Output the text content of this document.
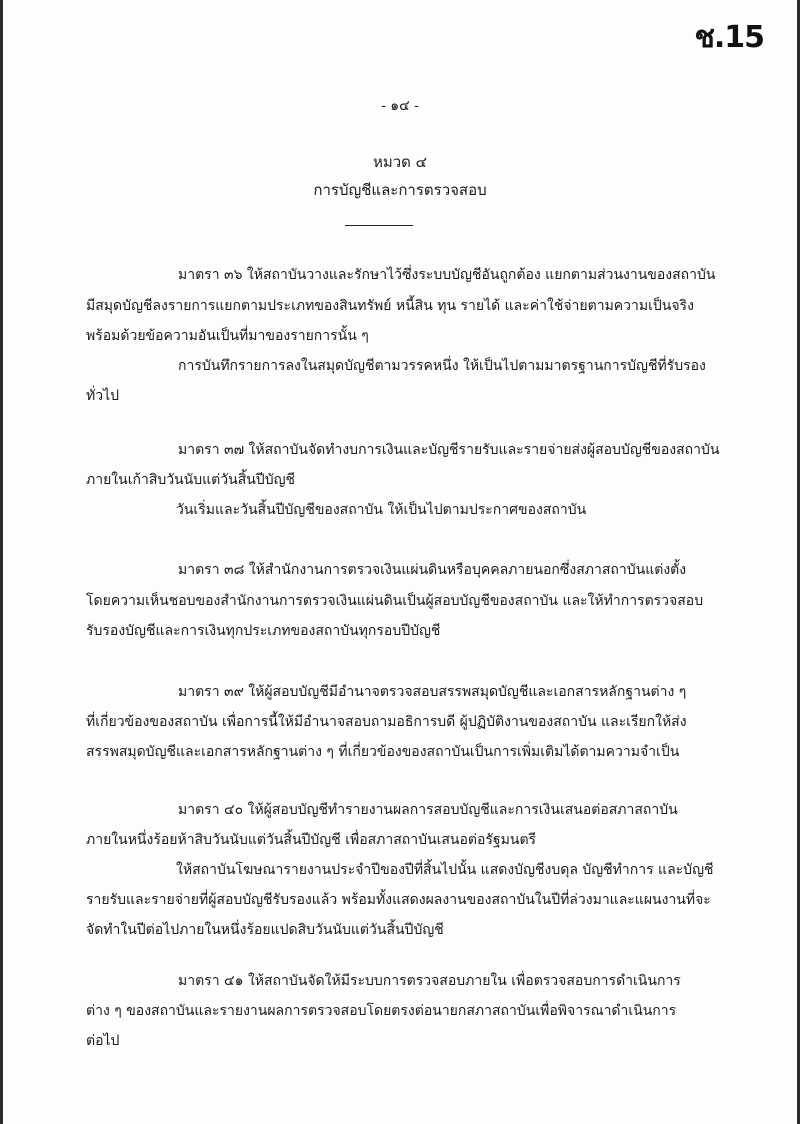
ช.15
- ๑๔ -
หมวด ๔
การบัญชีและการตรวจสอบ
มาตรา ๓๖ ให้สถาบันวางและรักษาไว้ซึ่งระบบบัญชีอันถูกต้อง แยกตามส่วนงานของสถาบัน
มีสมุดบัญชีลงรายการแยกตามประเภทของสินทรัพย์ หนี้สิน ทุน รายได้ และค่าใช้จ่ายตามความเป็นจริง
พร้อมด้วยข้อความอันเป็นที่มาของรายการนั้น ๆ
การบันทึกรายการลงในสมุดบัญชีตามวรรคหนึ่ง ให้เป็นไปตามมาตรฐานการบัญชีที่รับรอง
ทั่วไป
มาตรา ๓๗ ให้สถาบันจัดทำงบการเงินและบัญชีรายรับและรายจ่ายส่งผู้สอบบัญชีของสถาบัน
ภายในเก้าสิบวันนับแต่วันสิ้นปีบัญชี
วันเริ่มและวันสิ้นปีบัญชีของสถาบัน ให้เป็นไปตามประกาศของสถาบัน
มาตรา ๓๘ ให้สำนักงานการตรวจเงินแผ่นดินหรือบุคคลภายนอกซึ่งสภาสถาบันแต่งตั้ง
โดยความเห็นชอบของสำนักงานการตรวจเงินแผ่นดินเป็นผู้สอบบัญชีของสถาบัน และให้ทำการตรวจสอบ
รับรองบัญชีและการเงินทุกประเภทของสถาบันทุกรอบปีบัญชี
มาตรา ๓๙ ให้ผู้สอบบัญชีมีอำนาจตรวจสอบสรรพสมุดบัญชีและเอกสารหลักฐานต่าง ๆ
ที่เกี่ยวข้องของสถาบัน เพื่อการนี้ให้มีอำนาจสอบถามอธิการบดี ผู้ปฏิบัติงานของสถาบัน และเรียกให้ส่ง
สรรพสมุดบัญชีและเอกสารหลักฐานต่าง ๆ ที่เกี่ยวข้องของสถาบันเป็นการเพิ่มเติมได้ตามความจำเป็น
มาตรา ๔๐ ให้ผู้สอบบัญชีทำรายงานผลการสอบบัญชีและการเงินเสนอต่อสภาสถาบัน
ภายในหนึ่งร้อยห้าสิบวันนับแต่วันสิ้นปีบัญชี เพื่อสภาสถาบันเสนอต่อรัฐมนตรี
ให้สถาบันโฆษณารายงานประจำปีของปีที่สิ้นไปนั้น แสดงบัญชีงบดุล บัญชีทำการ และบัญชี
รายรับและรายจ่ายที่ผู้สอบบัญชีรับรองแล้ว พร้อมทั้งแสดงผลงานของสถาบันในปีที่ล่วงมาและแผนงานที่จะ
จัดทำในปีต่อไปภายในหนึ่งร้อยแปดสิบวันนับแต่วันสิ้นปีบัญชี
มาตรา ๔๑ ให้สถาบันจัดให้มีระบบการตรวจสอบภายใน เพื่อตรวจสอบการดำเนินการ
ต่าง ๆ ของสถาบันและรายงานผลการตรวจสอบโดยตรงต่อนายกสภาสถาบันเพื่อพิจารณาดำเนินการ
ต่อไป
